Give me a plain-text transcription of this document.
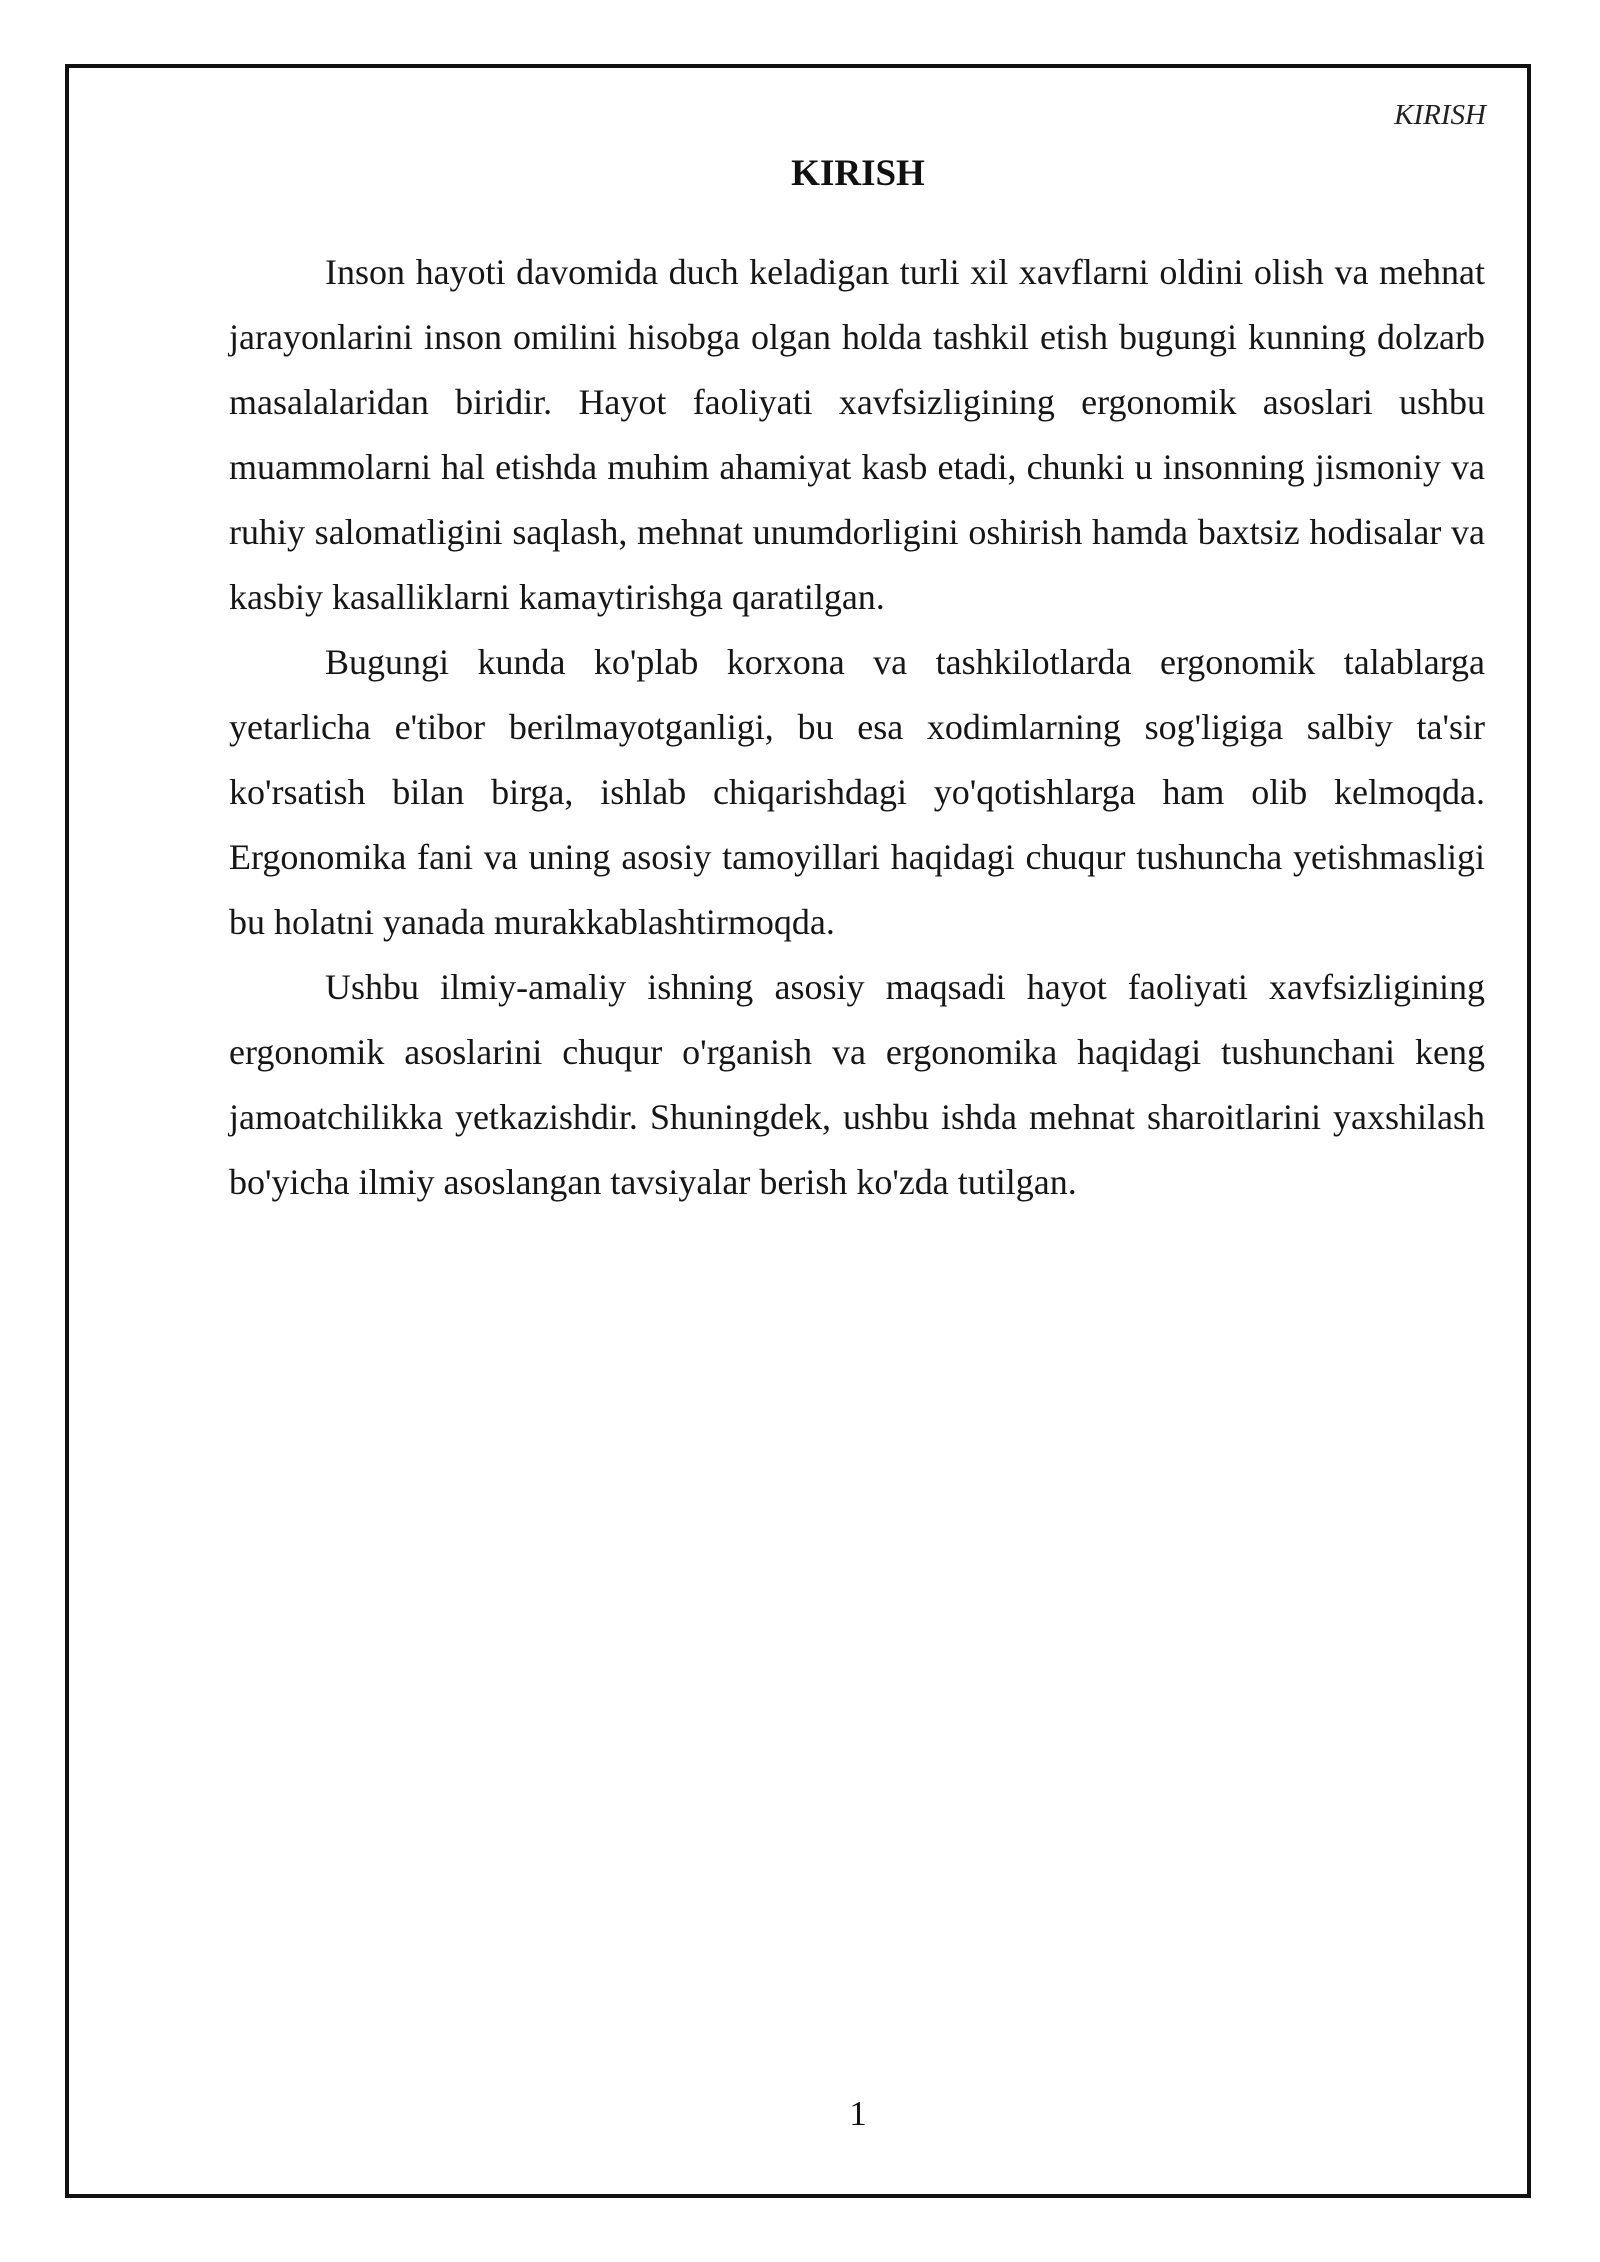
KIRISH
KIRISH

Inson hayoti davomida duch keladigan turli xil xavflarni oldini olish va mehnat jarayonlarini inson omilini hisobga olgan holda tashkil etish bugungi kunning dolzarb masalalaridan biridir. Hayot faoliyati xavfsizligining ergonomik asoslari ushbu muammolarni hal etishda muhim ahamiyat kasb etadi, chunki u insonning jismoniy va ruhiy salomatligini saqlash, mehnat unumdorligini oshirish hamda baxtsiz hodisalar va kasbiy kasalliklarni kamaytirishga qaratilgan.

Bugungi kunda ko'plab korxona va tashkilotlarda ergonomik talablarga yetarlicha e'tibor berilmayotganligi, bu esa xodimlarning sog'ligiga salbiy ta'sir ko'rsatish bilan birga, ishlab chiqarishdagi yo'qotishlarga ham olib kelmoqda. Ergonomika fani va uning asosiy tamoyillari haqidagi chuqur tushuncha yetishmasligi bu holatni yanada murakkablashtirmoqda.

Ushbu ilmiy-amaliy ishning asosiy maqsadi hayot faoliyati xavfsizligining ergonomik asoslarini chuqur o'rganish va ergonomika haqidagi tushunchani keng jamoatchilikka yetkazishdir. Shuningdek, ushbu ishda mehnat sharoitlarini yaxshilash bo'yicha ilmiy asoslangan tavsiyalar berish ko'zda tutilgan.

1
